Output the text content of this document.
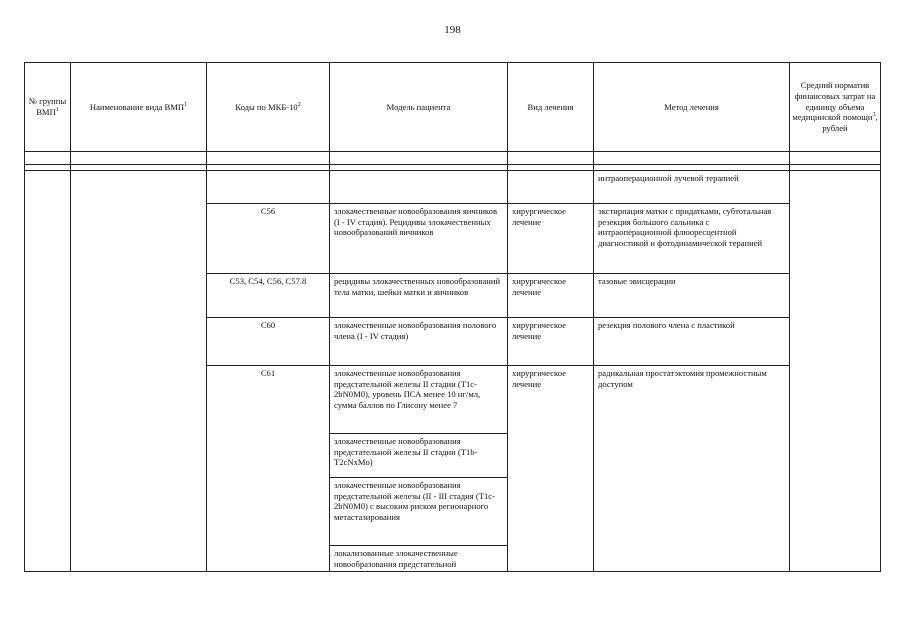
198
№ группы ВМП$^1$	Наименование вида ВМП$^1$	Коды по МКБ-$10^2$	Модель пациента	Вид лечения	Метод лечения	Средний норматив финансовых затрат на единицу объема медицинской помощи$^3$, рублей

					интраоперационной лучевой терапией	
		C56	злокачественные новообразования яичников (I - IV стадия). Рецидивы злокачественных новообразований яичников	хирургическое лечение	экстирпация матки с придатками, субтотальная резекция большого сальника с интраоперационной флюоресцентной диагностикой и фотодинамической терапией	
		C53, C54, C56, C57.8	рецидивы злокачественных новообразований тела матки, шейки матки и яичников	хирургическое лечение	тазовые эвисцерации	
		C60	злокачественные новообразования полового члена (I - IV стадия)	хирургическое лечение	резекция полового члена с пластикой	
		C61	злокачественные новообразования предстательной железы II стадии (T1c-2bN0M0), уровень ПСА менее 10 нг/мл, сумма баллов по Глисону менее 7	хирургическое лечение	радикальная простатэктомия промежностным доступом	
			злокачественные новообразования предстательной железы II стадии (T1b-T2cNxMo)			
			злокачественные новообразования предстательной железы (II - III стадия (T1c-2bN0M0) с высоким риском регионарного метастазирования			
			локализованные злокачественные новообразования предстательной			
